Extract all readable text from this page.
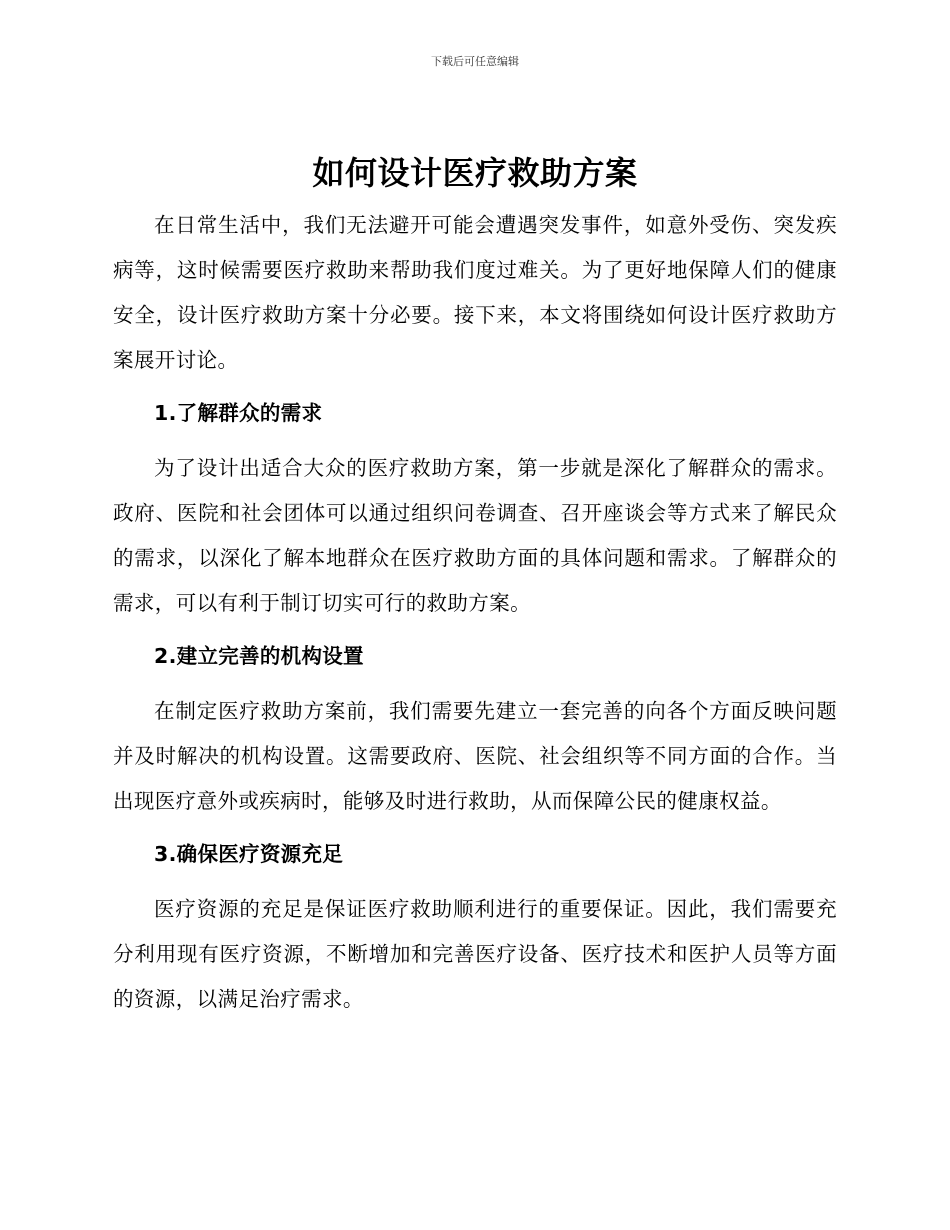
下载后可任意编辑
如何设计医疗救助方案

在日常生活中，我们无法避开可能会遭遇突发事件，如意外受伤、突发疾病等，这时候需要医疗救助来帮助我们度过难关。为了更好地保障人们的健康安全，设计医疗救助方案十分必要。接下来，本文将围绕如何设计医疗救助方案展开讨论。

1.了解群众的需求

为了设计出适合大众的医疗救助方案，第一步就是深化了解群众的需求。政府、医院和社会团体可以通过组织问卷调查、召开座谈会等方式来了解民众的需求，以深化了解本地群众在医疗救助方面的具体问题和需求。了解群众的需求，可以有利于制订切实可行的救助方案。

2.建立完善的机构设置

在制定医疗救助方案前，我们需要先建立一套完善的向各个方面反映问题并及时解决的机构设置。这需要政府、医院、社会组织等不同方面的合作。当出现医疗意外或疾病时，能够及时进行救助，从而保障公民的健康权益。

3.确保医疗资源充足

医疗资源的充足是保证医疗救助顺利进行的重要保证。因此，我们需要充分利用现有医疗资源，不断增加和完善医疗设备、医疗技术和医护人员等方面的资源，以满足治疗需求。
